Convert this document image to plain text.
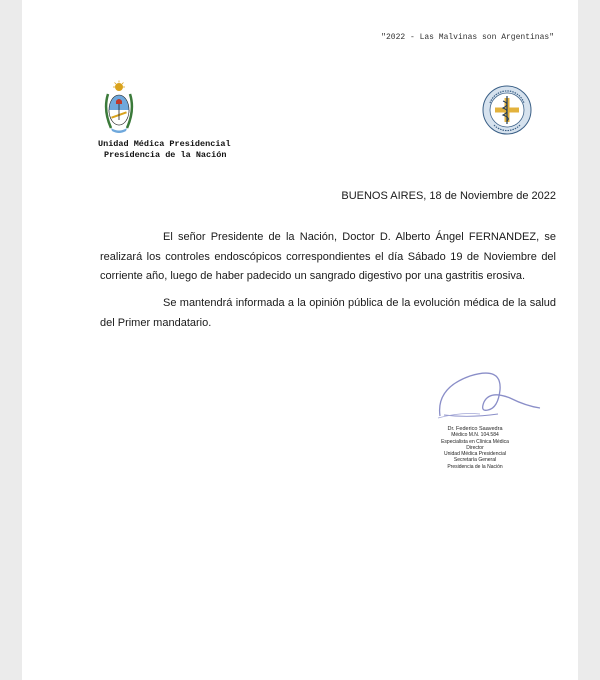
"2022 - Las Malvinas son Argentinas"
Unidad Médica Presidencial
Presidencia de la Nación
BUENOS AIRES, 18 de Noviembre de 2022

El señor Presidente de la Nación, Doctor D. Alberto Ángel FERNANDEZ, se realizará los controles endoscópicos correspondientes el día Sábado 19 de Noviembre del corriente año, luego de haber padecido un sangrado digestivo por una gastritis erosiva.

Se mantendrá informada a la opinión pública de la evolución médica de la salud del Primer mandatario.

Dr. Federico Saavedra
Médico M.N. 104.584
Especialista en Clínica Médica
Director
Unidad Médica Presidencial
Secretaría General
Presidencia de la Nación
